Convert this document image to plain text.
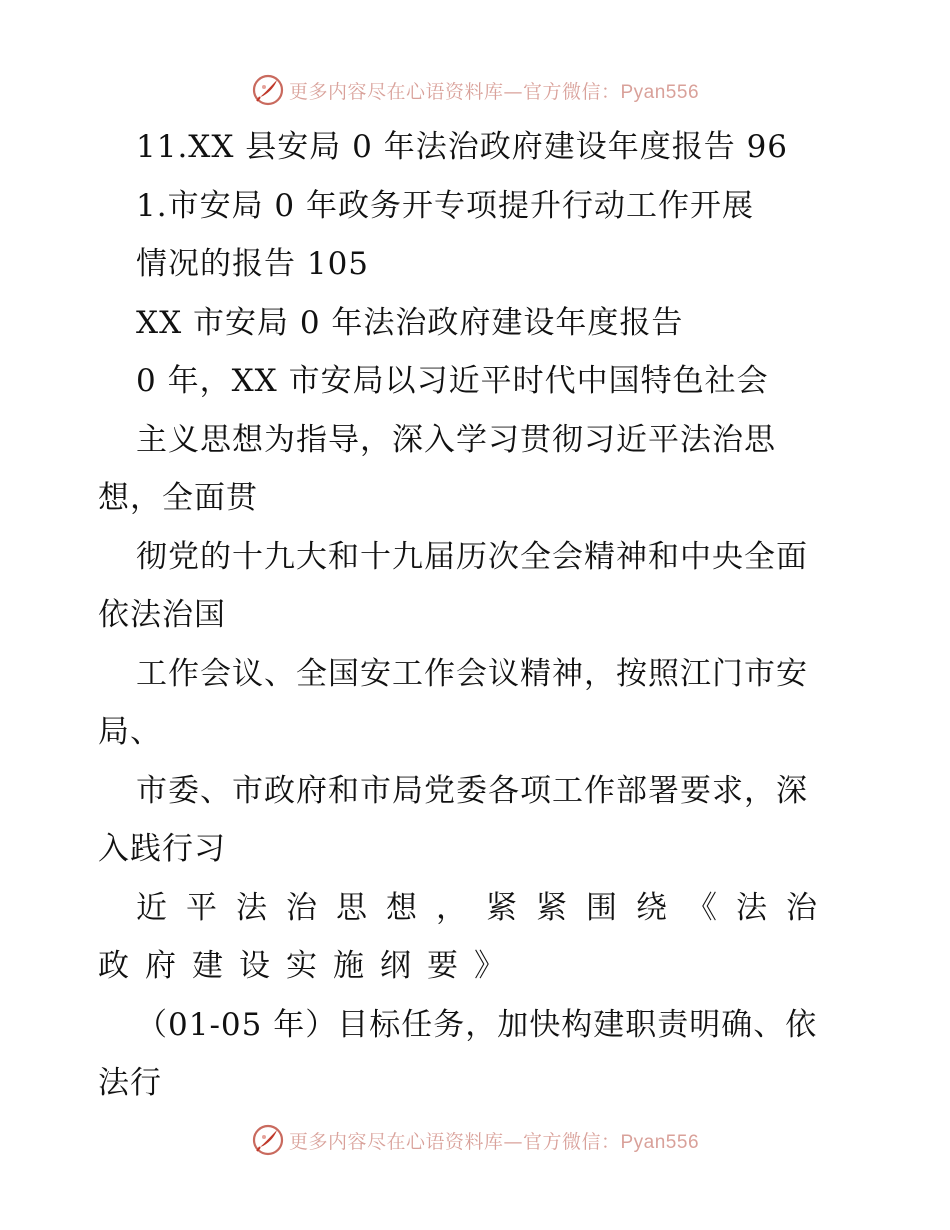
更多内容尽在心语资料库—官方微信：Pyan556
11.XX 县安局 0 年法治政府建设年度报告 96
1.市安局 0 年政务开专项提升行动工作开展
情况的报告 105
XX 市安局 0 年法治政府建设年度报告
0 年，XX 市安局以习近平时代中国特色社会
主义思想为指导，深入学习贯彻习近平法治思
想，全面贯
彻党的十九大和十九届历次全会精神和中央全面
依法治国
工作会议、全国安工作会议精神，按照江门市安
局、
市委、市政府和市局党委各项工作部署要求，深
入践行习
近平法治思想，紧紧围绕《法治
政府建设实施纲要》
（01-05 年）目标任务，加快构建职责明确、依
法行
更多内容尽在心语资料库—官方微信：Pyan556
